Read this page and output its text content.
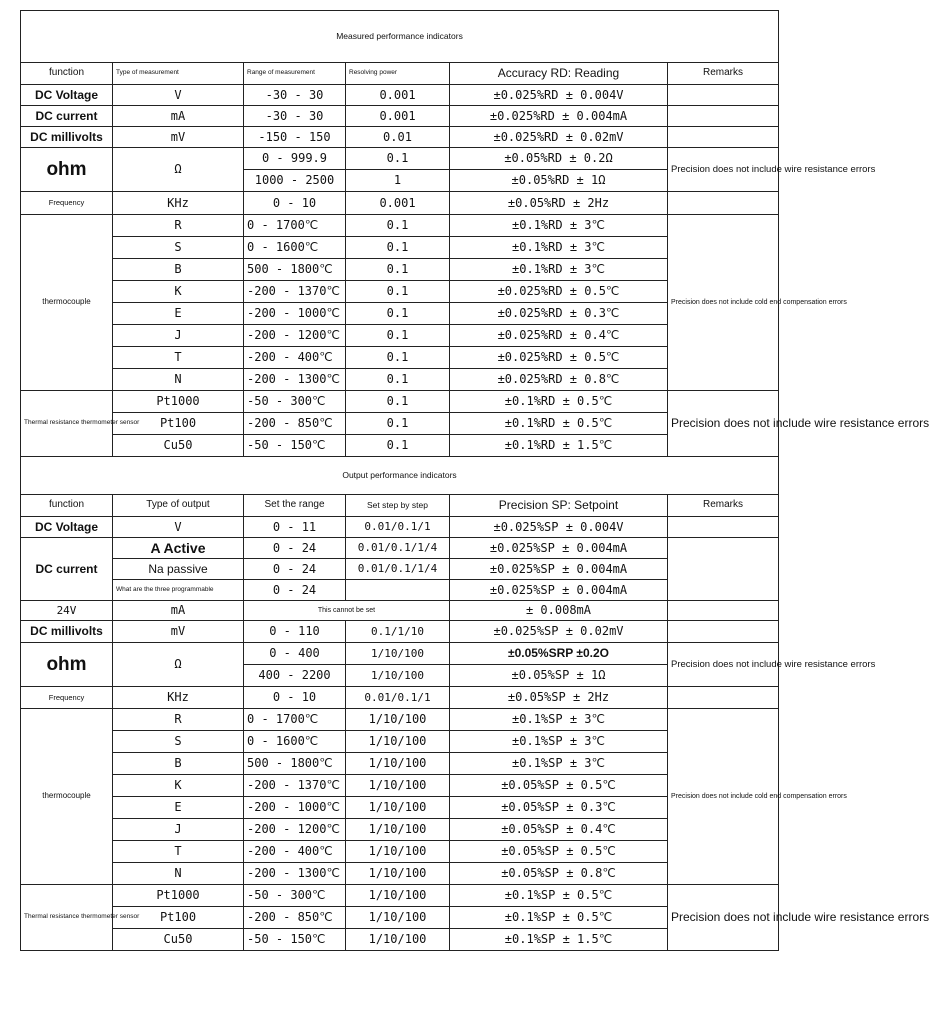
Measured performance indicators					
function	Type of measurement	Range of measurement	Resolving power	Accuracy RD: Reading	Remarks
DC Voltage	V	-30 - 30	0.001	±0.025%RD ± 0.004V	
DC current	mA	-30 - 30	0.001	±0.025%RD ± 0.004mA	
DC millivolts	mV	-150 - 150	0.01	±0.025%RD ± 0.02mV	
ohm	Ω	0 - 999.9	0.1	±0.05%RD ± 0.2Ω	Precision does not include wire resistance errors
		1000 - 2500	1	±0.05%RD ± 1Ω	
Frequency	KHz	0 - 10	0.001	±0.05%RD ± 2Hz	
thermocouple	R	0 - 1700℃	0.1	±0.1%RD ± 3℃	Precision does not include cold end compensation errors
	S	0 - 1600℃	0.1	±0.1%RD ± 3℃	
	B	500 - 1800℃	0.1	±0.1%RD ± 3℃	
	K	-200 - 1370℃	0.1	±0.025%RD ± 0.5℃	
	E	-200 - 1000℃	0.1	±0.025%RD ± 0.3℃	
	J	-200 - 1200℃	0.1	±0.025%RD ± 0.4℃	
	T	-200 - 400℃	0.1	±0.025%RD ± 0.5℃	
	N	-200 - 1300℃	0.1	±0.025%RD ± 0.8℃	
Thermal resistance thermometer sensor	Pt1000	-50 - 300℃	0.1	±0.1%RD ± 0.5℃	Precision does not include wire resistance errors
	Pt100	-200 - 850℃	0.1	±0.1%RD ± 0.5℃	
	Cu50	-50 - 150℃	0.1	±0.1%RD ± 1.5℃	
Output performance indicators					
function	Type of output	Set the range	Set step by step	Precision SP: Setpoint	Remarks
DC Voltage	V	0 - 11	0.01/0.1/1	±0.025%SP ± 0.004V	
DC current	A Active	0 - 24	0.01/0.1/1/4	±0.025%SP ± 0.004mA	
	Na passive	0 - 24	0.01/0.1/1/4	±0.025%SP ± 0.004mA	
	What are the three programmable	0 - 24		±0.025%SP ± 0.004mA	
24V	mA	This cannot be set		± 0.008mA	
DC millivolts	mV	0 - 110	0.1/1/10	±0.025%SP ± 0.02mV	
ohm	Ω	0 - 400	1/10/100	±0.05%SRP ±0.2O	Precision does not include wire resistance errors
		400 - 2200	1/10/100	±0.05%SP ± 1Ω	
Frequency	KHz	0 - 10	0.01/0.1/1	±0.05%SP ± 2Hz	
thermocouple	R	0 - 1700℃	1/10/100	±0.1%SP ± 3℃	Precision does not include cold end compensation errors
	S	0 - 1600℃	1/10/100	±0.1%SP ± 3℃	
	B	500 - 1800℃	1/10/100	±0.1%SP ± 3℃	
	K	-200 - 1370℃	1/10/100	±0.05%SP ± 0.5℃	
	E	-200 - 1000℃	1/10/100	±0.05%SP ± 0.3℃	
	J	-200 - 1200℃	1/10/100	±0.05%SP ± 0.4℃	
	T	-200 - 400℃	1/10/100	±0.05%SP ± 0.5℃	
	N	-200 - 1300℃	1/10/100	±0.05%SP ± 0.8℃	
Thermal resistance thermometer sensor	Pt1000	-50 - 300℃	1/10/100	±0.1%SP ± 0.5℃	Precision does not include wire resistance errors
	Pt100	-200 - 850℃	1/10/100	±0.1%SP ± 0.5℃	
	Cu50	-50 - 150℃	1/10/100	±0.1%SP ± 1.5℃	
